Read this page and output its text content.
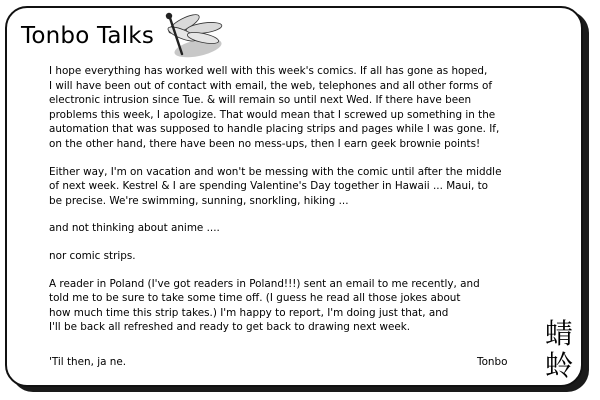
Tonbo Talks

I hope everything has worked well with this week's comics. If all has gone as hoped,
I will have been out of contact with email, the web, telephones and all other forms of
electronic intrusion since Tue. & will remain so until next Wed. If there have been
problems this week, I apologize. That would mean that I screwed up something in the
automation that was supposed to handle placing strips and pages while I was gone. If,
on the other hand, there have been no mess-ups, then I earn geek brownie points!

Either way, I'm on vacation and won't be messing with the comic until after the middle
of next week. Kestrel & I are spending Valentine's Day together in Hawaii ... Maui, to
be precise. We're swimming, sunning, snorkling, hiking ...

and not thinking about anime ....

nor comic strips.

A reader in Poland (I've got readers in Poland!!!) sent an email to me recently, and
told me to be sure to take some time off. (I guess he read all those jokes about
how much time this strip takes.) I'm happy to report, I'm doing just that, and
I'll be back all refreshed and ready to get back to drawing next week.

'Til then, ja ne.	Tonbo
蜻
蛉
